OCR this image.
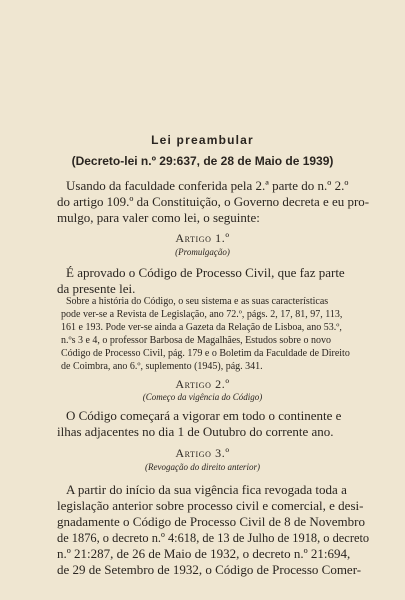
Lei preambular
(Decreto-lei n.º 29:637, de 28 de Maio de 1939)
Usando da faculdade conferida pela 2.ª parte do n.º 2.º
do artigo 109.º da Constituição, o Governo decreta e eu pro-
mulgo, para valer como lei, o seguinte:
Artigo 1.º
(Promulgação)
É aprovado o Código de Processo Civil, que faz parte
da presente lei.
Sobre a história do Código, o seu sistema e as suas características
pode ver-se a Revista de Legislação, ano 72.º, págs. 2, 17, 81, 97, 113,
161 e 193. Pode ver-se ainda a Gazeta da Relação de Lisboa, ano 53.º,
n.ºs 3 e 4, o professor Barbosa de Magalhães, Estudos sobre o novo
Código de Processo Civil, pág. 179 e o Boletim da Faculdade de Direito
de Coimbra, ano 6.º, suplemento (1945), pág. 341.
Artigo 2.º
(Começo da vigência do Código)
O Código começará a vigorar em todo o continente e
ilhas adjacentes no dia 1 de Outubro do corrente ano.
Artigo 3.º
(Revogação do direito anterior)
A partir do início da sua vigência fica revogada toda a
legislação anterior sobre processo civil e comercial, e desi-
gnadamente o Código de Processo Civil de 8 de Novembro
de 1876, o decreto n.º 4:618, de 13 de Julho de 1918, o decreto
n.º 21:287, de 26 de Maio de 1932, o decreto n.º 21:694,
de 29 de Setembro de 1932, o Código de Processo Comer-
